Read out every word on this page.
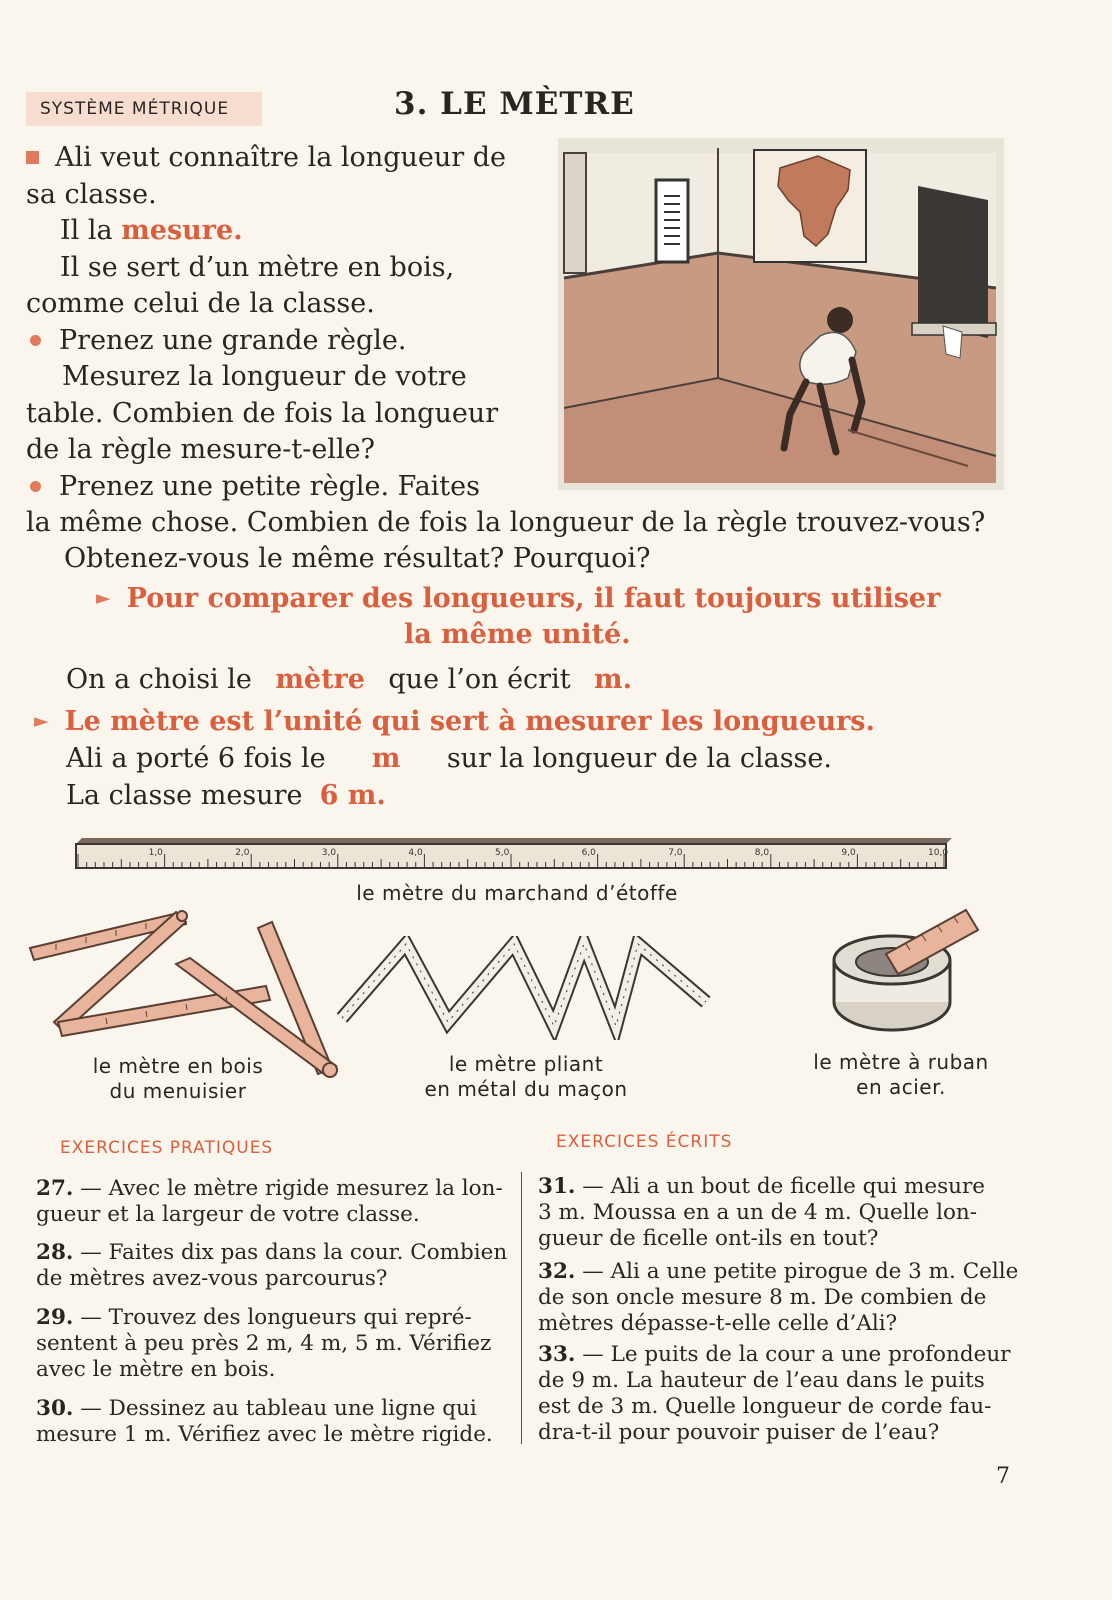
SYSTÈME MÉTRIQUE	3. LE MÈTRE
Ali veut connaître la longueur de
sa classe.
Il la mesure.
Il se sert d’un mètre en bois,
comme celui de la classe.
Prenez une grande règle.
Mesurez la longueur de votre
table. Combien de fois la longueur
de la règle mesure-t-elle?
Prenez une petite règle. Faites
la même chose. Combien de fois la longueur de la règle trouvez-vous?
Obtenez-vous le même résultat? Pourquoi?
► Pour comparer des longueurs, il faut toujours utiliser
la même unité.
On a choisi le mètre que l’on écrit m.
► Le mètre est l’unité qui sert à mesurer les longueurs.
Ali a porté 6 fois le m sur la longueur de la classe.
La classe mesure 6 m.
1,0	2,0	3,0	4,0	5,0	6,0	7,0	8,0	9,0	10,0
le mètre du marchand d’étoffe
le mètre en bois
du menuisier
le mètre pliant
en métal du maçon
le mètre à ruban
en acier.
EXERCICES PRATIQUES	EXERCICES ÉCRITS
27. — Avec le mètre rigide mesurez la lon-
gueur et la largeur de votre classe.
28. — Faites dix pas dans la cour. Combien
de mètres avez-vous parcourus?
29. — Trouvez des longueurs qui repré-
sentent à peu près 2 m, 4 m, 5 m. Vérifiez
avec le mètre en bois.
30. — Dessinez au tableau une ligne qui
mesure 1 m. Vérifiez avec le mètre rigide.
31. — Ali a un bout de ficelle qui mesure
3 m. Moussa en a un de 4 m. Quelle lon-
gueur de ficelle ont-ils en tout?
32. — Ali a une petite pirogue de 3 m. Celle
de son oncle mesure 8 m. De combien de
mètres dépasse-t-elle celle d’Ali?
33. — Le puits de la cour a une profondeur
de 9 m. La hauteur de l’eau dans le puits
est de 3 m. Quelle longueur de corde fau-
dra-t-il pour pouvoir puiser de l’eau?
7
